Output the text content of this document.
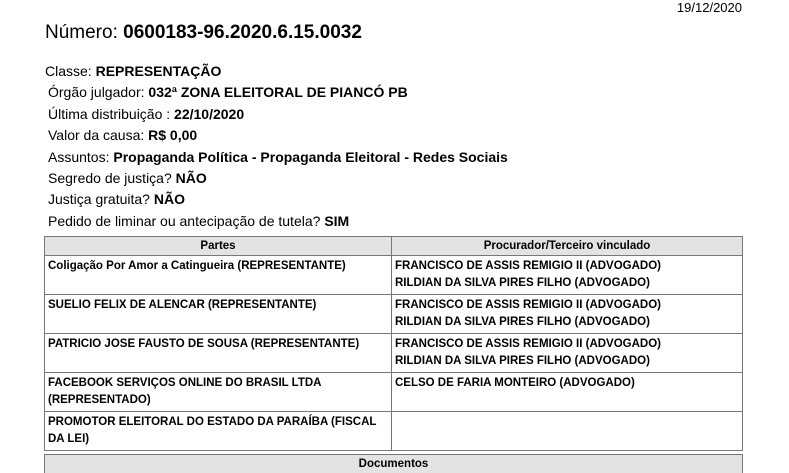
19/12/2020
Número: 0600183-96.2020.6.15.0032
Classe: REPRESENTAÇÃO
Órgão julgador: 032ª ZONA ELEITORAL DE PIANCÓ PB
Última distribuição : 22/10/2020
Valor da causa: R$ 0,00
Assuntos: Propaganda Política - Propaganda Eleitoral - Redes Sociais
Segredo de justiça? NÃO
Justiça gratuita? NÃO
Pedido de liminar ou antecipação de tutela? SIM
Partes	Procurador/Terceiro vinculado
Coligação Por Amor a Catingueira (REPRESENTANTE)	FRANCISCO DE ASSIS REMIGIO II (ADVOGADO)
RILDIAN DA SILVA PIRES FILHO (ADVOGADO)

SUELIO FELIX DE ALENCAR (REPRESENTANTE)	FRANCISCO DE ASSIS REMIGIO II (ADVOGADO)
RILDIAN DA SILVA PIRES FILHO (ADVOGADO)

PATRICIO JOSE FAUSTO DE SOUSA (REPRESENTANTE)	FRANCISCO DE ASSIS REMIGIO II (ADVOGADO)
RILDIAN DA SILVA PIRES FILHO (ADVOGADO)

FACEBOOK SERVIÇOS ONLINE DO BRASIL LTDA (REPRESENTADO)	CELSO DE FARIA MONTEIRO (ADVOGADO)

PROMOTOR ELEITORAL DO ESTADO DA PARAÍBA (FISCAL DA LEI)	
Documentos
